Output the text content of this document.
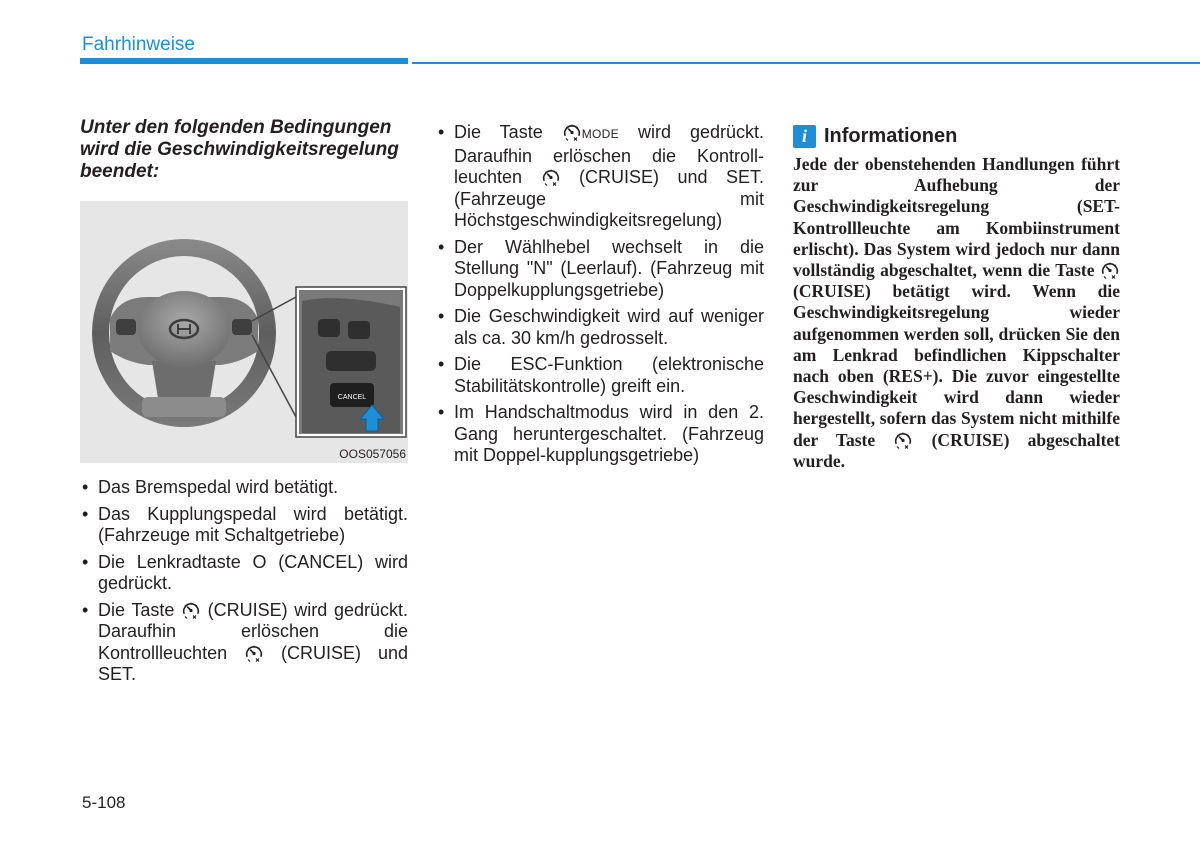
Fahrhinweise

Unter den folgenden Bedingungen wird die Geschwindigkeitsregelung beendet:

CANCEL
OOS057056
• Das Bremspedal wird betätigt.
• Das Kupplungspedal wird betätigt. (Fahrzeuge mit Schaltgetriebe)
• Die Lenkradtaste O (CANCEL) wird gedrückt.
• Die Taste (CRUISE) wird gedrückt. Daraufhin erlöschen die Kontrollleuchten	(CRUISE) und SET.
• Die Taste	MODE wird gedrückt. Daraufhin erlöschen die Kontroll-leuchten	(CRUISE) und SET. (Fahrzeuge mit Höchstgeschwindigkeitsregelung)
• Der Wählhebel wechselt in die Stellung "N" (Leerlauf). (Fahrzeug mit Doppelkupplungsgetriebe)
• Die Geschwindigkeit wird auf weniger als ca. 30 km/h gedrosselt.
• Die ESC-Funktion (elektronische Stabilitätskontrolle) greift ein.
• Im Handschaltmodus wird in den 2. Gang heruntergeschaltet. (Fahrzeug mit Doppel-kupplungsgetriebe)
i Informationen
Jede der obenstehenden Handlungen führt zur Aufhebung der Geschwindigkeitsregelung (SET-Kontrollleuchte am Kombiinstrument erlischt). Das System wird jedoch nur dann vollständig abgeschaltet, wenn die Taste  (CRUISE) betätigt wird. Wenn die Geschwindigkeitsregelung wieder aufgenommen werden soll, drücken Sie den am Lenkrad befindlichen Kippschalter nach oben (RES+). Die zuvor eingestellte Geschwindigkeit wird dann wieder hergestellt, sofern das System nicht mithilfe der Taste	(CRUISE) abgeschaltet wurde.
5-108
